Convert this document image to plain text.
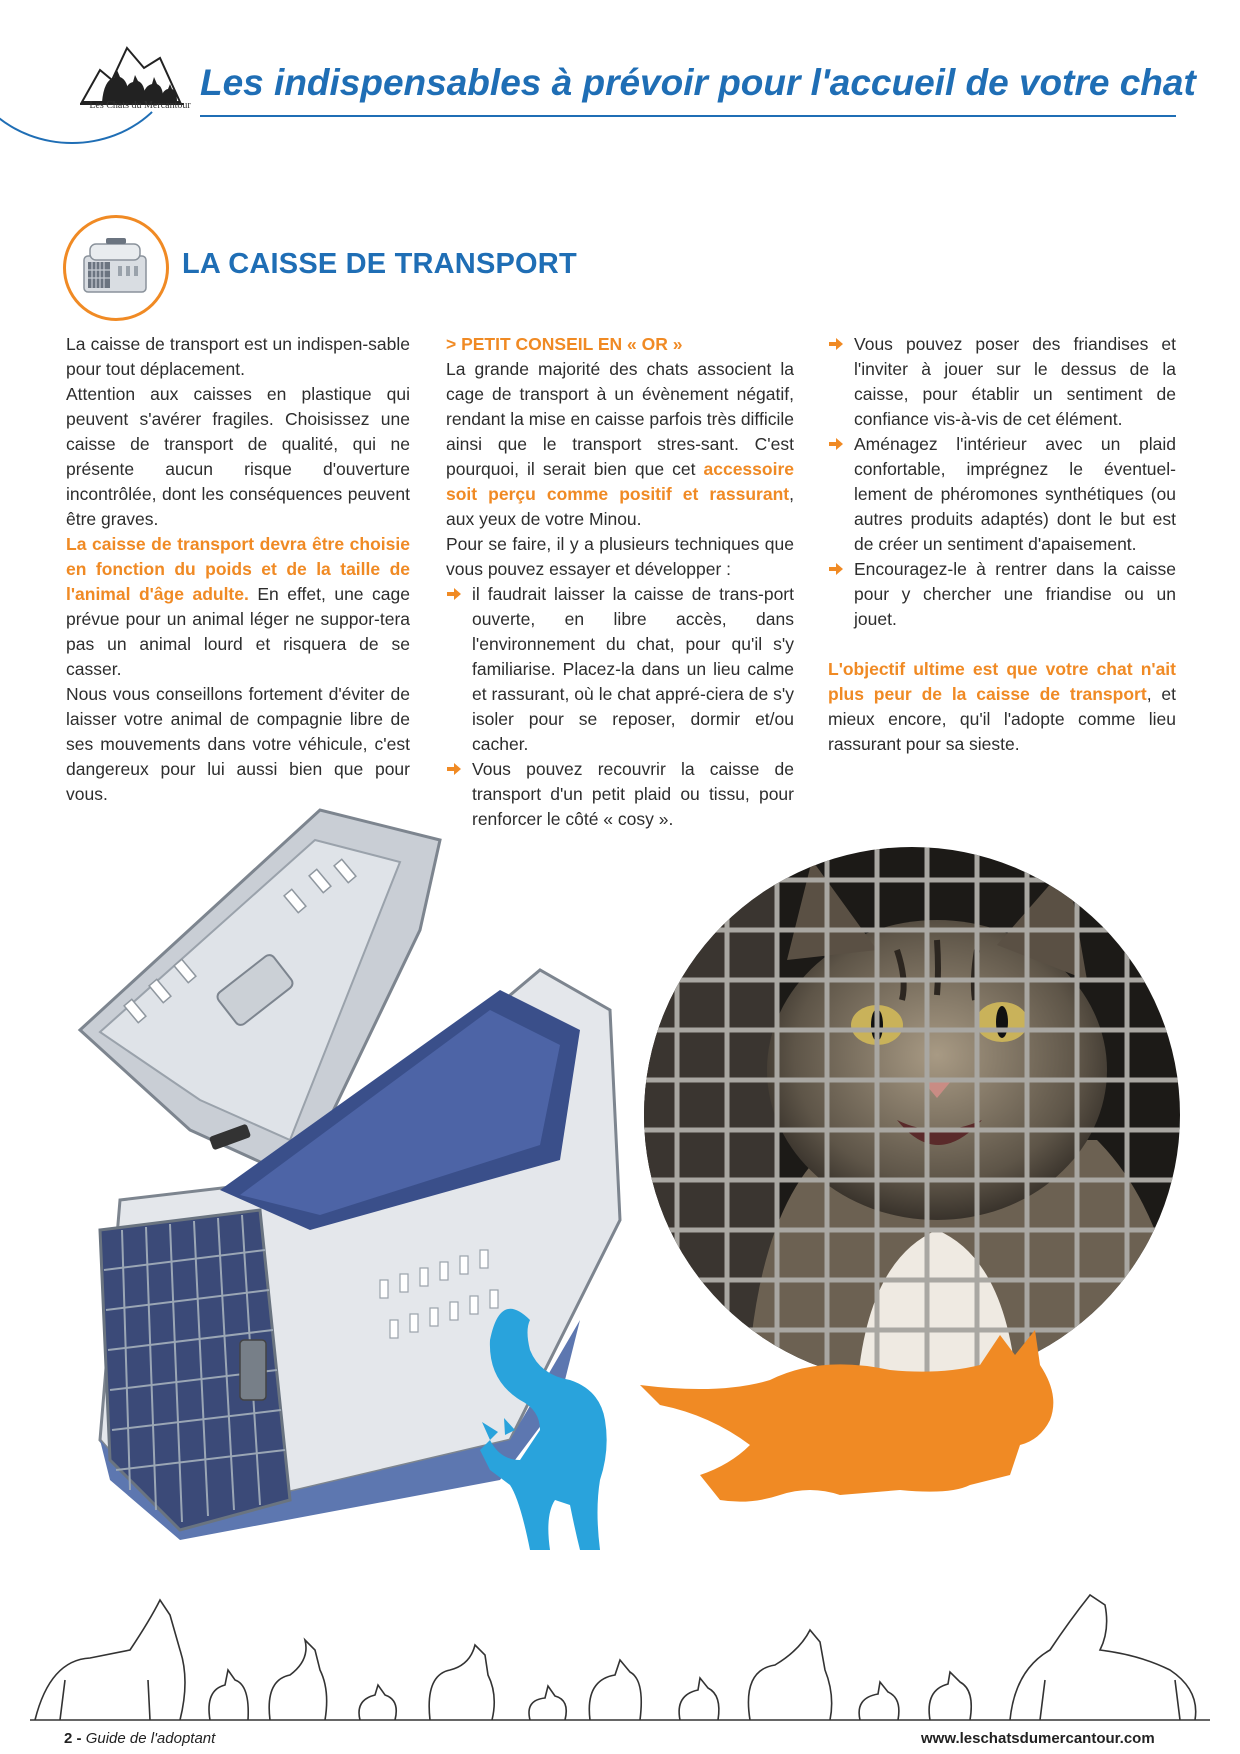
Les Chats du Mercantour
Les indispensables à prévoir pour l'accueil de votre chat
LA CAISSE DE TRANSPORT

La caisse de transport est un indispen-sable pour tout déplacement.

Attention aux caisses en plastique qui peuvent s'avérer fragiles. Choisissez une caisse de transport de qualité, qui ne présente aucun risque d'ouverture incontrôlée, dont les conséquences peuvent être graves.

La caisse de transport devra être choisie en fonction du poids et de la taille de l'animal d'âge adulte. En effet, une cage prévue pour un animal léger ne suppor-tera pas un animal lourd et risquera de se casser.

Nous vous conseillons fortement d'éviter de laisser votre animal de compagnie libre de ses mouvements dans votre véhicule, c'est dangereux pour lui aussi bien que pour vous.

> PETIT CONSEIL EN « OR »

La grande majorité des chats associent la cage de transport à un évènement négatif, rendant la mise en caisse parfois très difficile ainsi que le transport stres-sant. C'est pourquoi, il serait bien que cet accessoire soit perçu comme positif et rassurant, aux yeux de votre Minou.

Pour se faire, il y a plusieurs techniques que vous pouvez essayer et développer :

il faudrait laisser la caisse de trans-port ouverte, en libre accès, dans l'environnement du chat, pour qu'il s'y familiarise. Placez-la dans un lieu calme et rassurant, où le chat appré-ciera de s'y isoler pour se reposer, dormir et/ou cacher.
Vous pouvez recouvrir la caisse de transport d'un petit plaid ou tissu, pour renforcer le côté « cosy ».
Vous pouvez poser des friandises et l'inviter à jouer sur le dessus de la caisse, pour établir un sentiment de confiance vis-à-vis de cet élément.
Aménagez l'intérieur avec un plaid confortable, imprégnez le éventuel-lement de phéromones synthétiques (ou autres produits adaptés) dont le but est de créer un sentiment d'apaisement.
Encouragez-le à rentrer dans la caisse pour y chercher une friandise ou un jouet.

L'objectif ultime est que votre chat n'ait plus peur de la caisse de transport, et mieux encore, qu'il l'adopte comme lieu rassurant pour sa sieste.

2 - Guide de l'adoptant	www.leschatsdumercantour.com
